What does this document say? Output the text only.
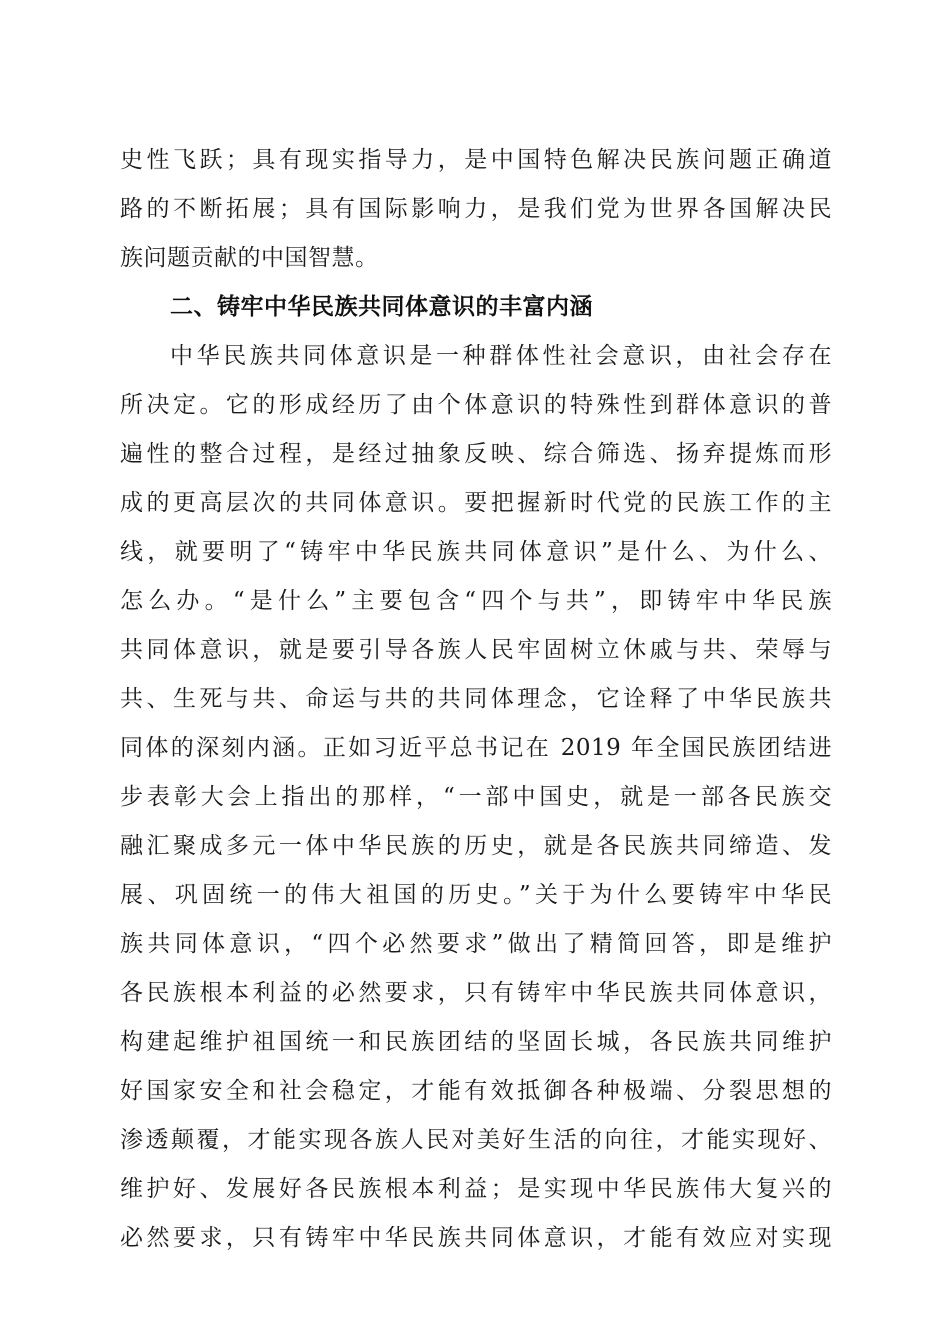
史性飞跃；具有现实指导力，是中国特色解决民族问题正确道
路的不断拓展；具有国际影响力，是我们党为世界各国解决民
族问题贡献的中国智慧。
二、铸牢中华民族共同体意识的丰富内涵
中华民族共同体意识是一种群体性社会意识，由社会存在
所决定。它的形成经历了由个体意识的特殊性到群体意识的普
遍性的整合过程，是经过抽象反映、综合筛选、扬弃提炼而形
成的更高层次的共同体意识。要把握新时代党的民族工作的主
线，就要明了“铸牢中华民族共同体意识”是什么、为什么、
怎么办。“是什么”主要包含“四个与共”，即铸牢中华民族
共同体意识，就是要引导各族人民牢固树立休戚与共、荣辱与
共、生死与共、命运与共的共同体理念，它诠释了中华民族共
同体的深刻内涵。正如习近平总书记在 2019 年全国民族团结进
步表彰大会上指出的那样，“一部中国史，就是一部各民族交
融汇聚成多元一体中华民族的历史，就是各民族共同缔造、发
展、巩固统一的伟大祖国的历史。”关于为什么要铸牢中华民
族共同体意识，“四个必然要求”做出了精简回答，即是维护
各民族根本利益的必然要求，只有铸牢中华民族共同体意识，
构建起维护祖国统一和民族团结的坚固长城，各民族共同维护
好国家安全和社会稳定，才能有效抵御各种极端、分裂思想的
渗透颠覆，才能实现各族人民对美好生活的向往，才能实现好、
维护好、发展好各民族根本利益；是实现中华民族伟大复兴的
必然要求，只有铸牢中华民族共同体意识，才能有效应对实现
